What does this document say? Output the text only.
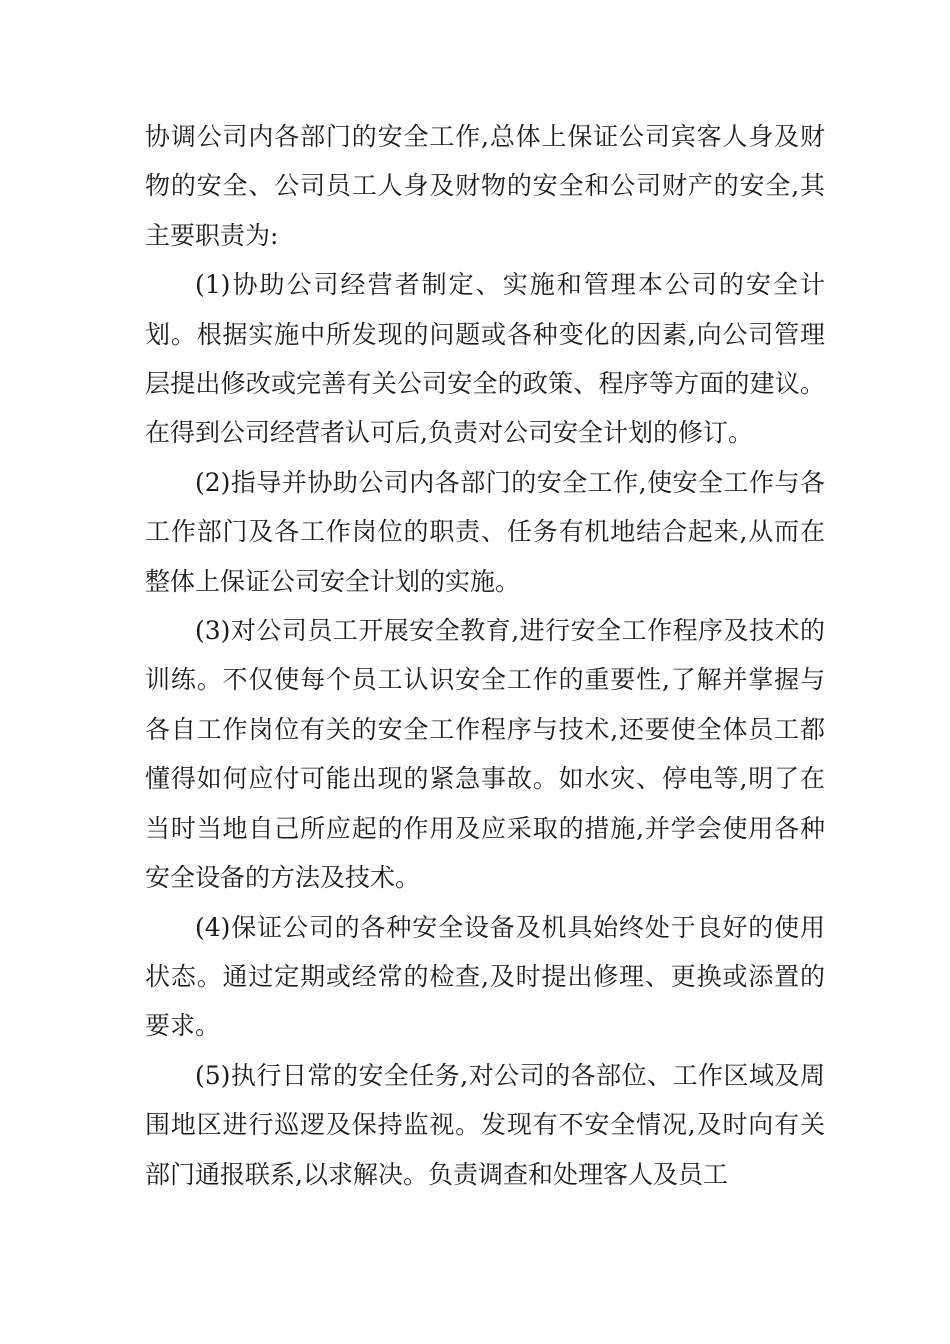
协调公司内各部门的安全工作,总体上保证公司宾客人身及财物的安全、公司员工人身及财物的安全和公司财产的安全,其主要职责为:

(1)协助公司经营者制定、实施和管理本公司的安全计划。根据实施中所发现的问题或各种变化的因素,向公司管理层提出修改或完善有关公司安全的政策、程序等方面的建议。在得到公司经营者认可后,负责对公司安全计划的修订。

(2)指导并协助公司内各部门的安全工作,使安全工作与各工作部门及各工作岗位的职责、任务有机地结合起来,从而在整体上保证公司安全计划的实施。

(3)对公司员工开展安全教育,进行安全工作程序及技术的训练。不仅使每个员工认识安全工作的重要性,了解并掌握与各自工作岗位有关的安全工作程序与技术,还要使全体员工都懂得如何应付可能出现的紧急事故。如水灾、停电等,明了在当时当地自己所应起的作用及应采取的措施,并学会使用各种安全设备的方法及技术。

(4)保证公司的各种安全设备及机具始终处于良好的使用状态。通过定期或经常的检查,及时提出修理、更换或添置的要求。

(5)执行日常的安全任务,对公司的各部位、工作区域及周围地区进行巡逻及保持监视。发现有不安全情况,及时向有关部门通报联系,以求解决。负责调查和处理客人及员工
